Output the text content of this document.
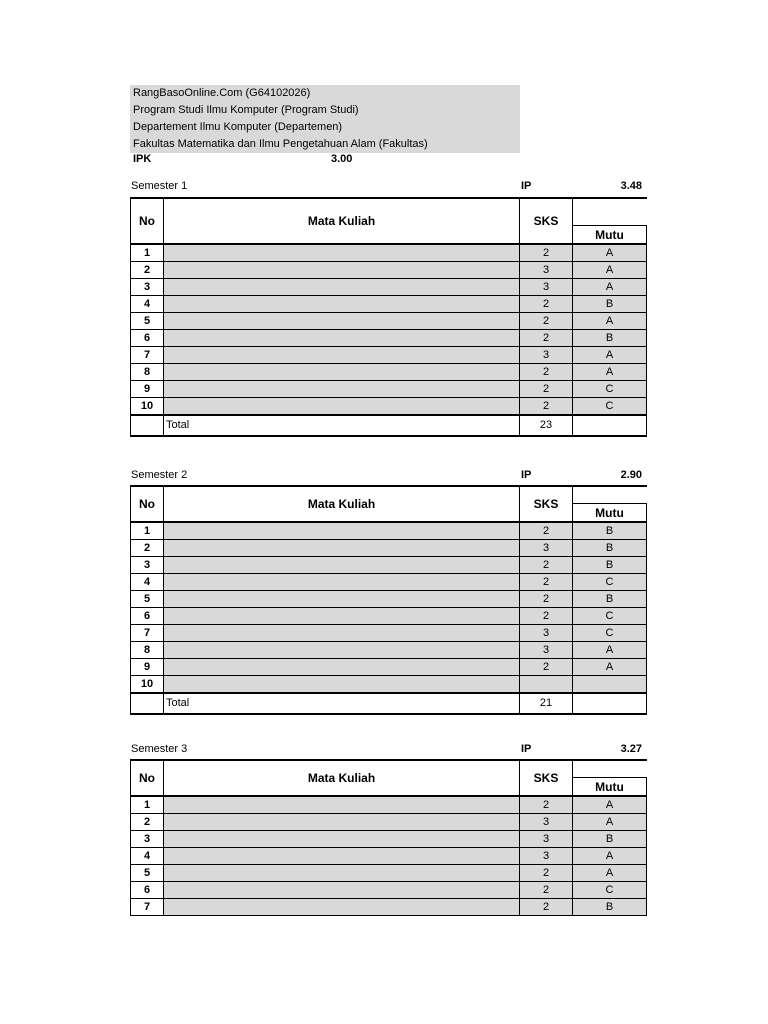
RangBasoOnline.Com (G64102026)
Program Studi Ilmu Komputer (Program Studi)
Departement Ilmu Komputer (Departemen)
Fakultas Matematika dan Ilmu Pengetahuan Alam (Fakultas)
IPK	3.00
Semester 1	IP	3.48
No	Mata Kuliah	SKS	
			Mutu
1		2	A
2		3	A
3		3	A
4		2	B
5		2	A
6		2	B
7		3	A
8		2	A
9		2	C
10		2	C
	Total	23	
Semester 2	IP	2.90
No	Mata Kuliah	SKS	
			Mutu
1		2	B
2		3	B
3		2	B
4		2	C
5		2	B
6		2	C
7		3	C
8		3	A
9		2	A
10			
	Total	21	
Semester 3	IP	3.27
No	Mata Kuliah	SKS	
			Mutu
1		2	A
2		3	A
3		3	B
4		3	A
5		2	A
6		2	C
7		2	B
